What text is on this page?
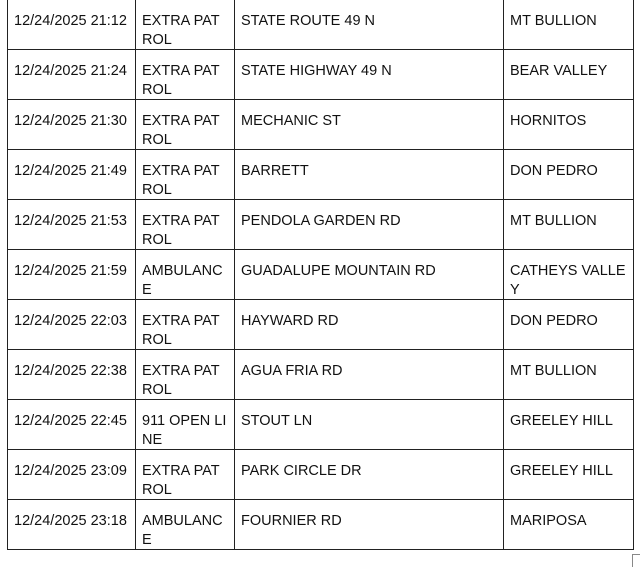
12/24/2025 21:12	EXTRA PATROL	STATE ROUTE 49 N	MT BULLION
12/24/2025 21:24	EXTRA PATROL	STATE HIGHWAY 49 N	BEAR VALLEY
12/24/2025 21:30	EXTRA PATROL	MECHANIC ST	HORNITOS
12/24/2025 21:49	EXTRA PATROL	BARRETT	DON PEDRO
12/24/2025 21:53	EXTRA PATROL	PENDOLA GARDEN RD	MT BULLION
12/24/2025 21:59	AMBULANCE	GUADALUPE MOUNTAIN RD	CATHEYS VALLEY
12/24/2025 22:03	EXTRA PATROL	HAYWARD RD	DON PEDRO
12/24/2025 22:38	EXTRA PATROL	AGUA FRIA RD	MT BULLION
12/24/2025 22:45	911 OPEN LINE	STOUT LN	GREELEY HILL
12/24/2025 23:09	EXTRA PATROL	PARK CIRCLE DR	GREELEY HILL
12/24/2025 23:18	AMBULANCE	FOURNIER RD	MARIPOSA
